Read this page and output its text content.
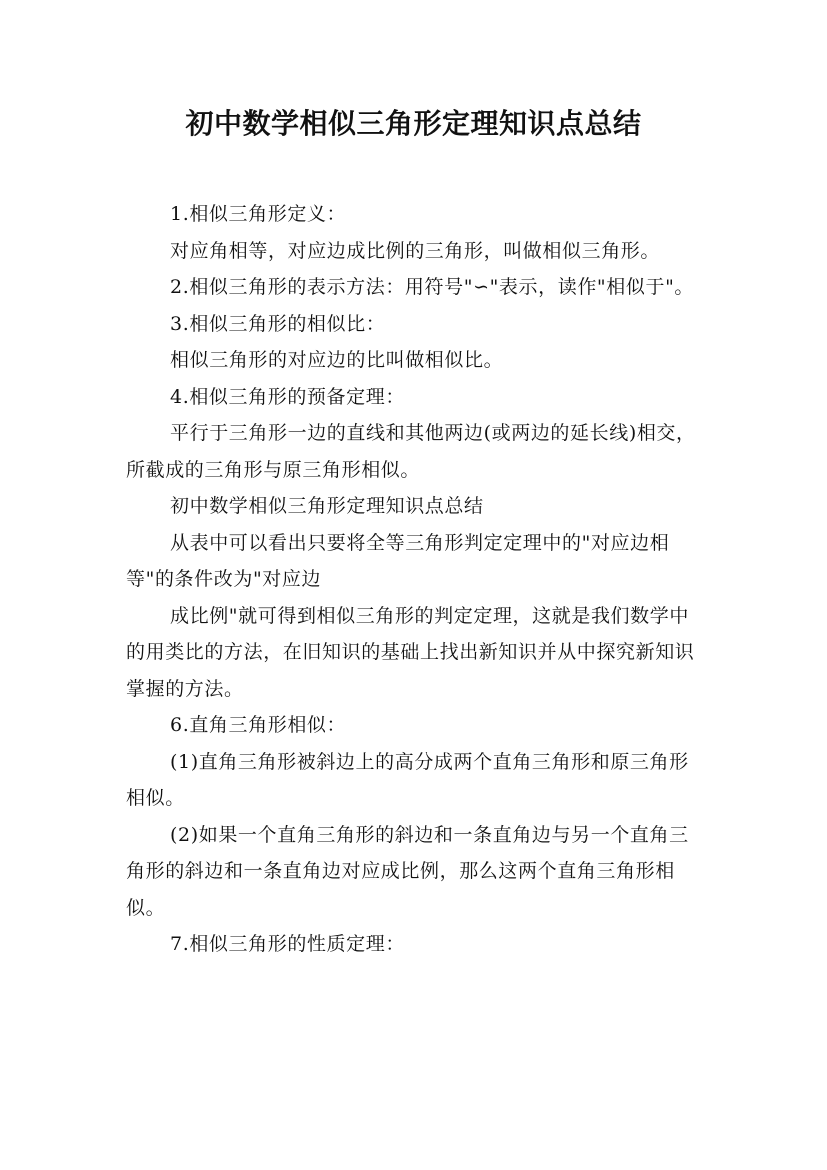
初中数学相似三角形定理知识点总结

1.相似三角形定义：

对应角相等，对应边成比例的三角形，叫做相似三角形。

2.相似三角形的表示方法：用符号"∽"表示，读作"相似于"。

3.相似三角形的相似比：

相似三角形的对应边的比叫做相似比。

4.相似三角形的预备定理：

平行于三角形一边的直线和其他两边(或两边的延长线)相交，所截成的三角形与原三角形相似。

初中数学相似三角形定理知识点总结

从表中可以看出只要将全等三角形判定定理中的"对应边相等"的条件改为"对应边

成比例"就可得到相似三角形的判定定理，这就是我们数学中的用类比的方法，在旧知识的基础上找出新知识并从中探究新知识掌握的方法。

6.直角三角形相似：

(1)直角三角形被斜边上的高分成两个直角三角形和原三角形相似。

(2)如果一个直角三角形的斜边和一条直角边与另一个直角三角形的斜边和一条直角边对应成比例，那么这两个直角三角形相似。

7.相似三角形的性质定理：
